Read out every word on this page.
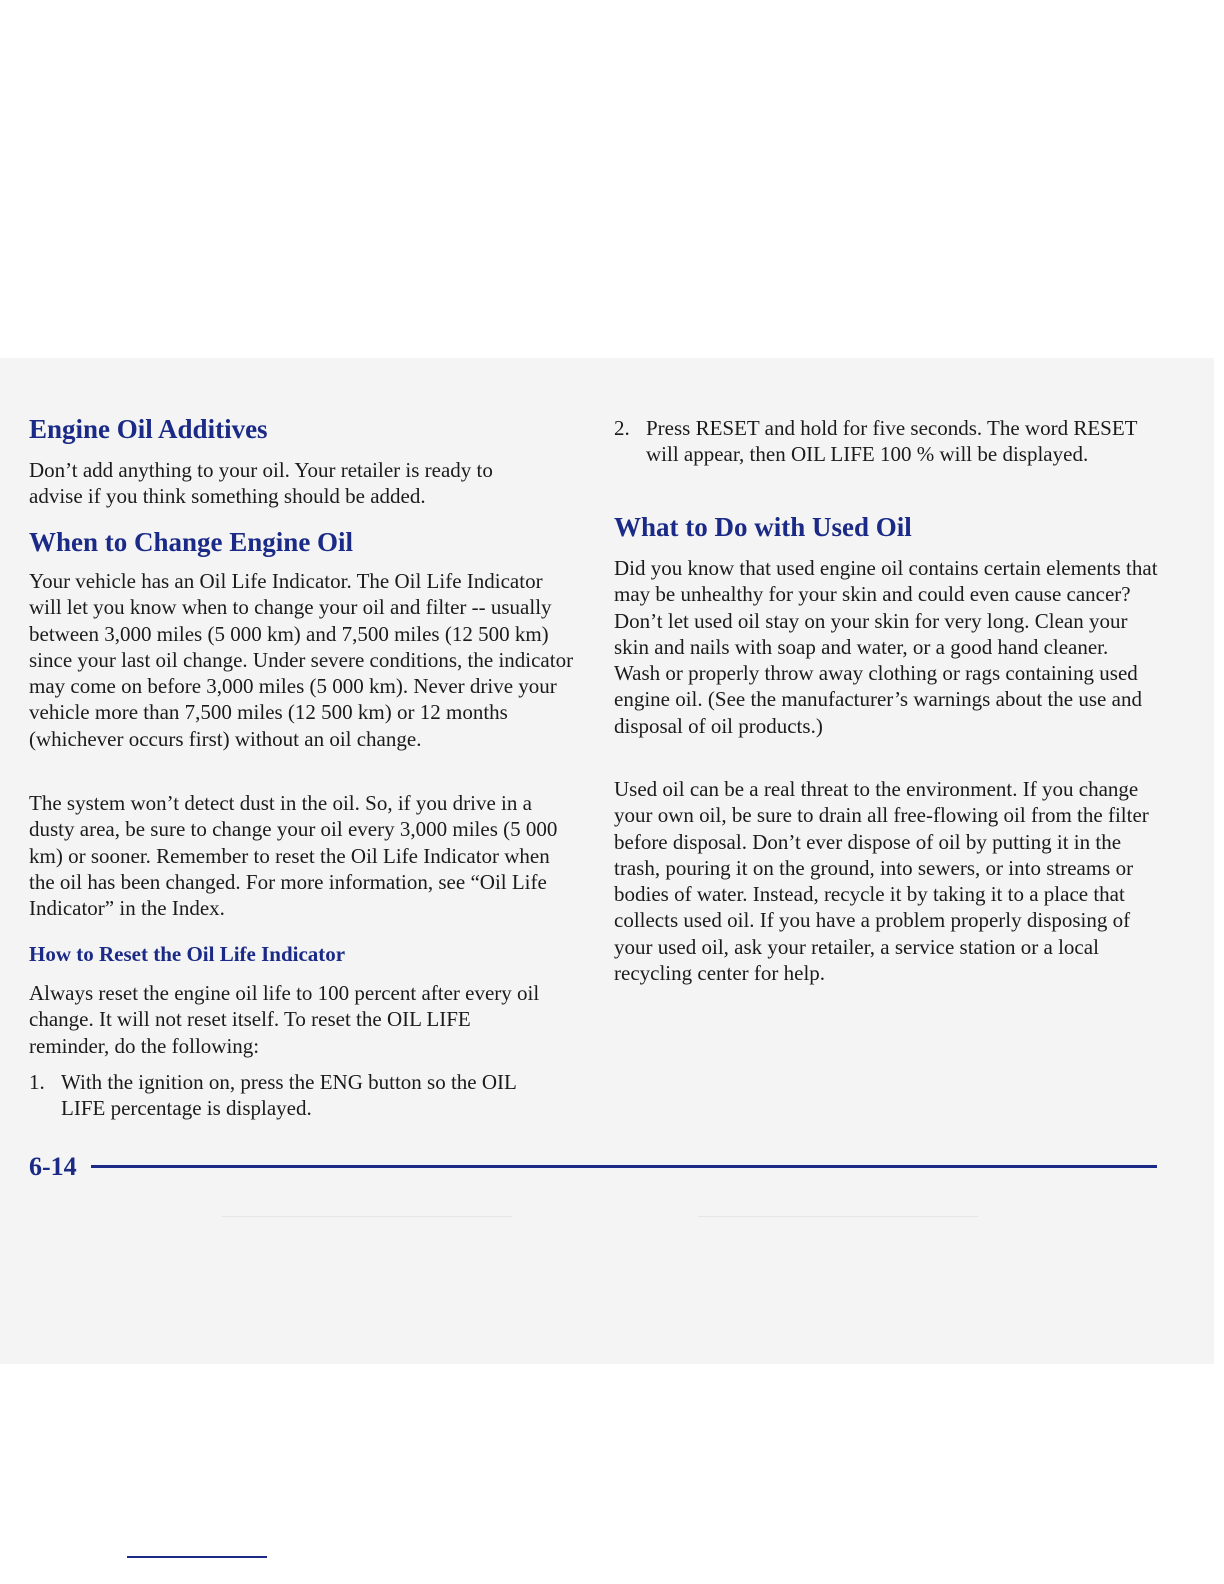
Engine Oil Additives

Don’t add anything to your oil. Your retailer is ready to advise if you think something should be added.

When to Change Engine Oil

Your vehicle has an Oil Life Indicator. The Oil Life Indicator will let you know when to change your oil and filter -- usually between 3,000 miles (5 000 km) and 7,500 miles (12 500 km) since your last oil change. Under severe conditions, the indicator may come on before 3,000 miles (5 000 km). Never drive your vehicle more than 7,500 miles (12 500 km) or 12 months (whichever occurs first) without an oil change.

The system won’t detect dust in the oil. So, if you drive in a dusty area, be sure to change your oil every 3,000 miles (5 000 km) or sooner. Remember to reset the Oil Life Indicator when the oil has been changed. For more information, see “Oil Life Indicator” in the Index.

How to Reset the Oil Life Indicator

Always reset the engine oil life to 100 percent after every oil change. It will not reset itself. To reset the OIL LIFE reminder, do the following:

1. With the ignition on, press the ENG button so the OIL LIFE percentage is displayed.
2. Press RESET and hold for five seconds. The word RESET will appear, then OIL LIFE 100 % will be displayed.
What to Do with Used Oil

Did you know that used engine oil contains certain elements that may be unhealthy for your skin and could even cause cancer? Don’t let used oil stay on your skin for very long. Clean your skin and nails with soap and water, or a good hand cleaner. Wash or properly throw away clothing or rags containing used engine oil. (See the manufacturer’s warnings about the use and disposal of oil products.)

Used oil can be a real threat to the environment. If you change your own oil, be sure to drain all free-flowing oil from the filter before disposal. Don’t ever dispose of oil by putting it in the trash, pouring it on the ground, into sewers, or into streams or bodies of water. Instead, recycle it by taking it to a place that collects used oil. If you have a problem properly disposing of your used oil, ask your retailer, a service station or a local recycling center for help.

6-14
